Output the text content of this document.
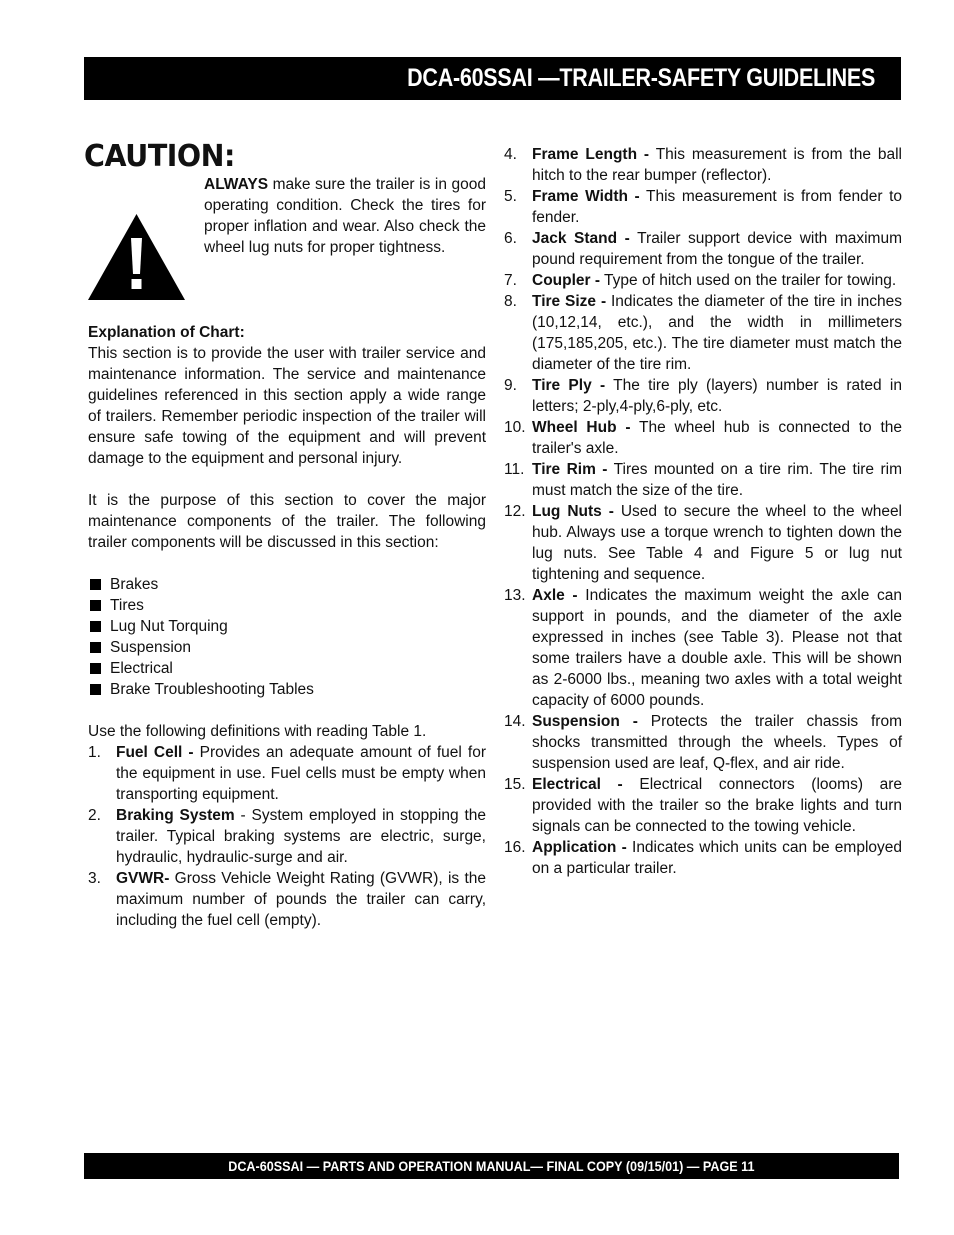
DCA-60SSAI —TRAILER-SAFETY GUIDELINES
CAUTION:
ALWAYS make sure the trailer is in good operating condition. Check the tires for proper inflation and wear. Also check the wheel lug nuts for proper tightness.
Explanation of Chart:
This section is to provide the user with trailer service and maintenance information. The service and maintenance guidelines referenced in this section apply a wide range of trailers. Remember periodic inspection of the trailer will ensure safe towing of the equipment and will prevent damage to the equipment and personal injury.
It is the purpose of this section to cover the major maintenance components of the trailer. The following trailer components will be discussed in this section:
Brakes
Tires
Lug Nut Torquing
Suspension
Electrical
Brake Troubleshooting Tables
Use the following definitions with reading Table 1.
1. Fuel Cell - Provides an adequate amount of fuel for the equipment in use. Fuel cells must be empty when transporting equipment.
2. Braking System - System employed in stopping the trailer. Typical braking systems are electric, surge, hydraulic, hydraulic-surge and air.
3. GVWR- Gross Vehicle Weight Rating (GVWR), is the maximum number of pounds the trailer can carry, including the fuel cell (empty).
4. Frame Length - This measurement is from the ball hitch to the rear bumper (reflector).
5. Frame Width - This measurement is from fender to fender.
6. Jack Stand - Trailer support device with maximum pound requirement from the tongue of the trailer.
7. Coupler - Type of hitch used on the trailer for towing.
8. Tire Size - Indicates the diameter of the tire in inches (10,12,14, etc.), and the width in millimeters (175,185,205, etc.). The tire diameter must match the diameter of the tire rim.
9. Tire Ply - The tire ply (layers) number is rated in letters; 2-ply,4-ply,6-ply, etc.
10. Wheel Hub - The wheel hub is connected to the trailer's axle.
11. Tire Rim - Tires mounted on a tire rim. The tire rim must match the size of the tire.
12. Lug Nuts - Used to secure the wheel to the wheel hub. Always use a torque wrench to tighten down the lug nuts. See Table 4 and Figure 5 or lug nut tightening and sequence.
13. Axle - Indicates the maximum weight the axle can support in pounds, and the diameter of the axle expressed in inches (see Table 3). Please not that some trailers have a double axle. This will be shown as 2-6000 lbs., meaning two axles with a total weight capacity of 6000 pounds.
14. Suspension - Protects the trailer chassis from shocks transmitted through the wheels. Types of suspension used are leaf, Q-flex, and air ride.
15. Electrical - Electrical connectors (looms) are provided with the trailer so the brake lights and turn signals can be connected to the towing vehicle.
16. Application - Indicates which units can be employed on a particular trailer.
DCA-60SSAI — PARTS AND OPERATION MANUAL— FINAL COPY (09/15/01) — PAGE 11
